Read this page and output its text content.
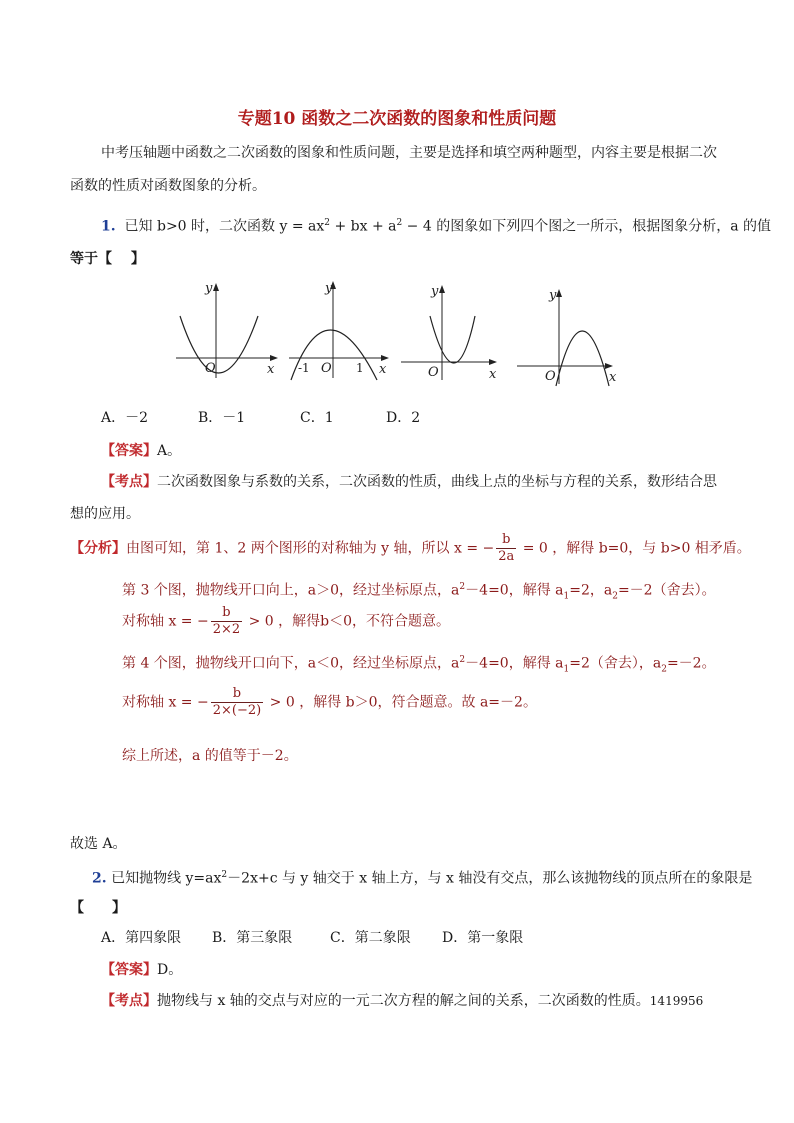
专题10 函数之二次函数的图象和性质问题
中考压轴题中函数之二次函数的图象和性质问题，主要是选择和填空两种题型，内容主要是根据二次
函数的性质对函数图象的分析。
1. 已知 b>0 时，二次函数 $y = ax^2$ + bx + $a^2 - 4$ 的图象如下列四个图之一所示，根据图象分析，a 的值
等于【　 】
y
x
O
y
x
O
-1	1
y
x
O
y
x
O
A．－2	B．－1	C．1	D．2
【答案】A。
【考点】二次函数图象与系数的关系，二次函数的性质，曲线上点的坐标与方程的关系，数形结合思
想的应用。
【分析】由图可知，第 1、2 两个图形的对称轴为 y 轴，所以 x = − $\frac{b}{2a} = 0$ ，解得 b=0，与 b>0 相矛盾。
第 3 个图，抛物线开口向上，a＞0，经过坐标原点，$a^2-4=0$，解得 $a_1=2$，$a_2=-2$（舍去）。
对称轴 x = − $\frac{b}{2\times 2} > 0$ ，解得b＜0，不符合题意。
第 4 个图，抛物线开口向下，a＜0，经过坐标原点，$a^2-4=0$，解得 $a_1=2$（舍去），$a_2=-2$。
对称轴 x = − $\frac{b}{2\times(-2)} > 0$ ，解得 b＞0，符合题意。故 a=－2。
综上所述，a 的值等于－2。
故选 A。
2. 已知抛物线 $y=ax^2-2x+c$ 与 y 轴交于 x 轴上方，与 x 轴没有交点，那么该抛物线的顶点所在的象限是
【　　】
A．第四象限 B．第三象限	C．第二象限 D．第一象限
【答案】D。
【考点】抛物线与 x 轴的交点与对应的一元二次方程的解之间的关系，二次函数的性质。1419956
